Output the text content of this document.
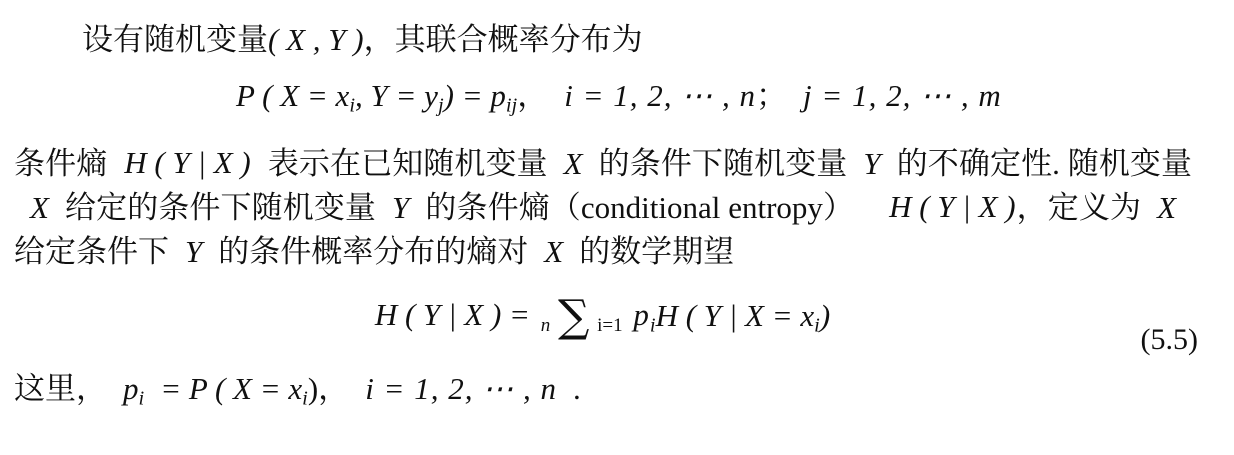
设有随机变量( X , Y )，其联合概率分布为

P ( $X = x_i$, $Y = y_j) = p_{ij}$， i = 1, 2, ⋯ , n； j = 1, 2, ⋯ , m

条件熵 H ( Y | X ) 表示在已知随机变量 X 的条件下随机变量 Y 的不确定性. 随机变量X 给定的条件下随机变量 Y 的条件熵（conditional entropy） H ( Y | X )，定义为 X给定条件下 Y 的条件概率分布的熵对 X 的数学期望

H ( Y | X ) = n ∑ i=1 $p_iH$ ( Y | $X = x_i$)
(5.5)

这里， $p_i = P$ ( $X = x_i$)， i = 1, 2, ⋯ , n .
